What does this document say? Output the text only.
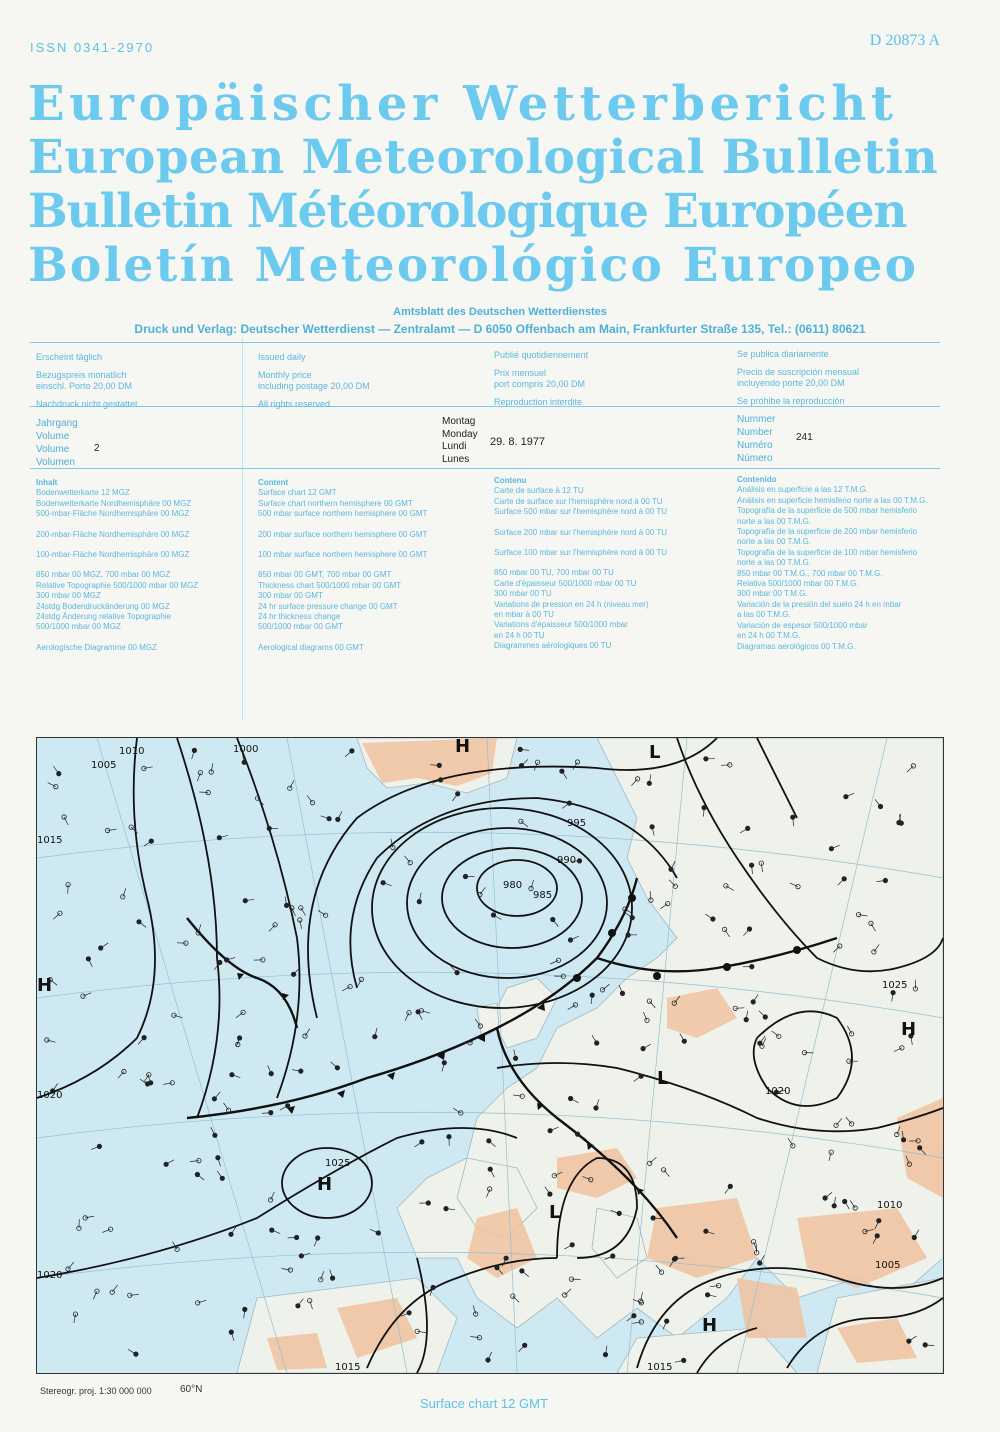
ISSN 0341-2970	D 20873 A
Europäischer Wetterbericht
European Meteorological Bulletin
Bulletin Météorologique Européen
Boletín Meteorológico Europeo
Amtsblatt des Deutschen Wetterdienstes
Druck und Verlag: Deutscher Wetterdienst — Zentralamt — D 6050 Offenbach am Main, Frankfurter Straße 135, Tel.: (0611) 80621
Erscheint täglich
Bezugspreis monatlich
einschl. Porto 20,00 DM
Nachdruck nicht gestattet
Issued daily
Monthly price
including postage 20,00 DM
All rights reserved
Publié quotidiennement
Prix mensuel
port compris 20,00 DM
Reproduction interdite
Se publica diariamente
Precio de suscripción mensual
incluyendo porte 20,00 DM
Se prohibe la reproducción
Jahrgang
Volume
Volume
Volumen
2
Montag
Monday
Lundi
Lunes
29. 8. 1977
Nummer
Number
Numéro
Número
241
Inhalt
Bodenwetterkarte 12 MGZ
Bodenwetterkarte Nordhemisphäre 00 MGZ
500-mbar-Fläche Nordhemisphäre 00 MGZ
200-mbar-Fläche Nordhemisphäre 00 MGZ
100-mbar-Fläche Nordhemisphäre 00 MGZ
850 mbar 00 MGZ, 700 mbar 00 MGZ
Relative Topographie 500/1000 mbar 00 MGZ
300 mbar 00 MGZ
24stdg Bodendruckänderung 00 MGZ
24stdg Änderung relative Topographie
500/1000 mbar 00 MGZ
Aerologische Diagramme 00 MGZ
Content
Surface chart 12 GMT
Surface chart northern hemisphere 00 GMT
500 mbar surface northern hemisphere 00 GMT
200 mbar surface northern hemisphere 00 GMT
100 mbar surface northern hemisphere 00 GMT
850 mbar 00 GMT, 700 mbar 00 GMT
Thickness chart 500/1000 mbar 00 GMT
300 mbar 00 GMT
24 hr surface pressure change 00 GMT
24 hr thickness change
500/1000 mbar 00 GMT
Aerological diagrams 00 GMT
Contenu
Carte de surface à 12 TU
Carte de surface sur l'hemisphère nord à 00 TU
Surface 500 mbar sur l'hemisphère nord à 00 TU
Surface 200 mbar sur l'hemisphère nord à 00 TU
Surface 100 mbar sur l'hemisphère nord à 00 TU
850 mbar 00 TU, 700 mbar 00 TU
Carte d'épaisseur 500/1000 mbar 00 TU
300 mbar 00 TU
Variations de pression en 24 h (niveau mer)
en mbar à 00 TU
Variations d'épaisseur 500/1000 mbar
en 24 h 00 TU
Diagrammes aérologiques 00 TU
Contenido
Análisis en superficie a las 12 T.M.G.
Análisis en superficie hemisferio norte a las 00 T.M.G.
Topografía de la superficie de 500 mbar hemisferio
norte a las 00 T.M.G.
Topografía de la superficie de 200 mbar hemisferio
norte a las 00 T.M.G.
Topografía de la superficie de 100 mbar hemisferio
norte a las 00 T.M.G.
850 mbar 00 T.M.G., 700 mbar 00 T.M.G.
Relativa 500/1000 mbar 00 T.M.G.
300 mbar 00 T.M.G.
Variación de la presión del suelo 24 h en mbar
a las 00 T.M.G.
Variación de espesor 500/1000 mbar
en 24 h 00 T.M.G.
Diagramas aerológicos 00 T.M.G.
H
H
H
H
H
L
L
L
1010
1005
1000
1015
1025
1020
995
990
985
980
1015
1010
1005
1020
1025
1015
1020
Stereogr. proj. 1:30 000 000	60°N
Surface chart 12 GMT
